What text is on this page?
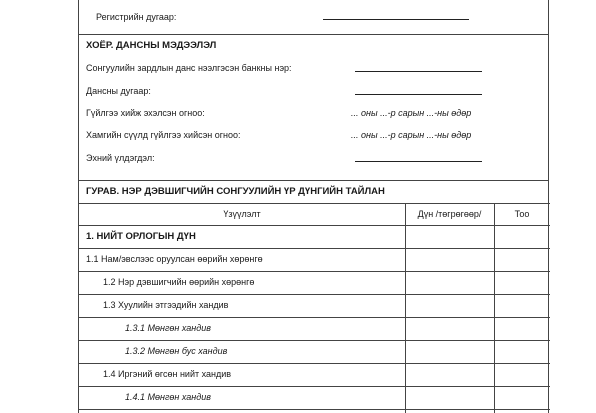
Регистрийн дугаар:
ХОЁР. ДАНСНЫ МЭДЭЭЛЭЛ
Сонгуулийн зардлын данс нээлгэсэн банкны нэр:
Дансны дугаар:
Гүйлгээ хийж эхэлсэн огноо:	... оны ...-р сарын ...-ны өдөр
Хамгийн сүүлд гүйлгээ хийсэн огноо:	... оны ...-р сарын ...-ны өдөр
Эхний үлдэгдэл:
ГУРАВ. НЭР ДЭВШИГЧИЙН СОНГУУЛИЙН ҮР ДҮНГИЙН ТАЙЛАН
Үзүүлэлт	Дүн /төгрөгөөр/	Тоо
1. НИЙТ ОРЛОГЫН ДҮН
1.1 Нам/эвслээс оруулсан өөрийн хөрөнгө
1.2 Нэр дэвшигчийн өөрийн хөрөнгө
1.3 Хуулийн этгээдийн хандив
1.3.1 Мөнгөн хандив
1.3.2 Мөнгөн бус хандив
1.4 Иргэний өгсөн нийт хандив
1.4.1 Мөнгөн хандив
